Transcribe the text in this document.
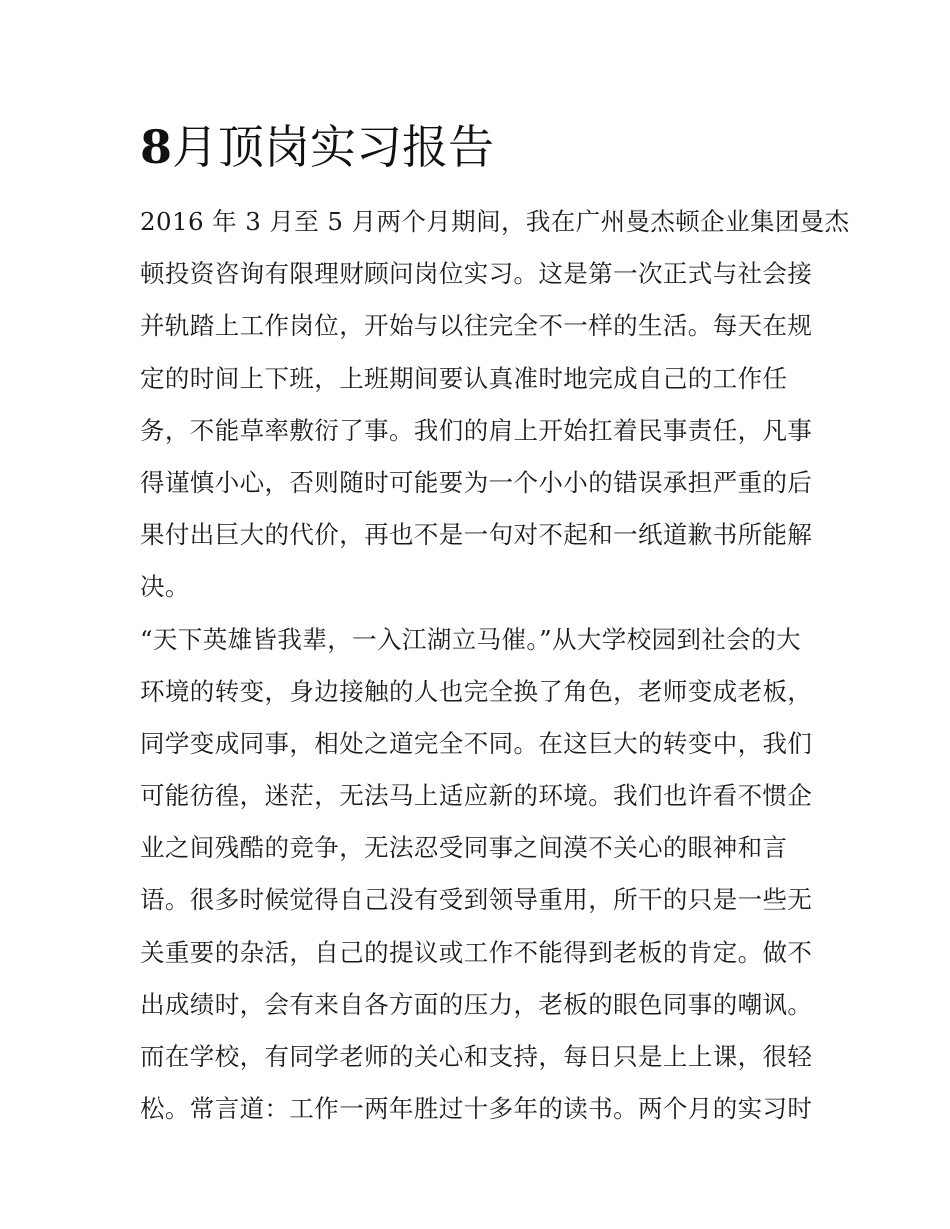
8月顶岗实习报告
2016 年 3 月至 5 月两个月期间，我在广州曼杰顿企业集团曼杰
顿投资咨询有限理财顾问岗位实习。这是第一次正式与社会接
并轨踏上工作岗位，开始与以往完全不一样的生活。每天在规
定的时间上下班，上班期间要认真准时地完成自己的工作任
务，不能草率敷衍了事。我们的肩上开始扛着民事责任，凡事
得谨慎小心，否则随时可能要为一个小小的错误承担严重的后
果付出巨大的代价，再也不是一句对不起和一纸道歉书所能解
决。
“天下英雄皆我辈，一入江湖立马催。”从大学校园到社会的大
环境的转变，身边接触的人也完全换了角色，老师变成老板，
同学变成同事，相处之道完全不同。在这巨大的转变中，我们
可能彷徨，迷茫，无法马上适应新的环境。我们也许看不惯企
业之间残酷的竞争，无法忍受同事之间漠不关心的眼神和言
语。很多时候觉得自己没有受到领导重用，所干的只是一些无
关重要的杂活，自己的提议或工作不能得到老板的肯定。做不
出成绩时，会有来自各方面的压力，老板的眼色同事的嘲讽。
而在学校，有同学老师的关心和支持，每日只是上上课，很轻
松。常言道：工作一两年胜过十多年的读书。两个月的实习时
